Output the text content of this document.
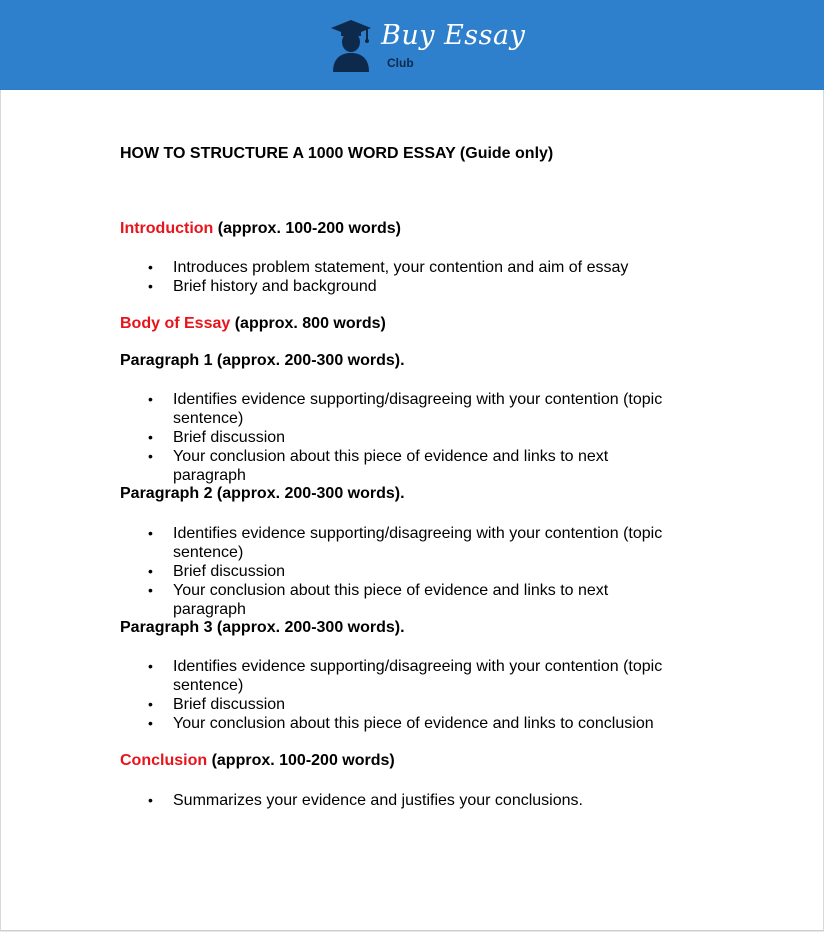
Buy Essay
Club
HOW TO STRUCTURE A 1000 WORD ESSAY (Guide only)

Introduction (approx. 100-200 words)

• Introduces problem statement, your contention and aim of essay
• Brief history and background

Body of Essay (approx. 800 words)

Paragraph 1 (approx. 200-300 words).

• Identifies evidence supporting/disagreeing with your contention (topic sentence)
• Brief discussion
• Your conclusion about this piece of evidence and links to next paragraph

Paragraph 2 (approx. 200-300 words).

• Identifies evidence supporting/disagreeing with your contention (topic sentence)
• Brief discussion
• Your conclusion about this piece of evidence and links to next paragraph

Paragraph 3 (approx. 200-300 words).

• Identifies evidence supporting/disagreeing with your contention (topic sentence)
• Brief discussion
• Your conclusion about this piece of evidence and links to conclusion

Conclusion (approx. 100-200 words)

• Summarizes your evidence and justifies your conclusions.
